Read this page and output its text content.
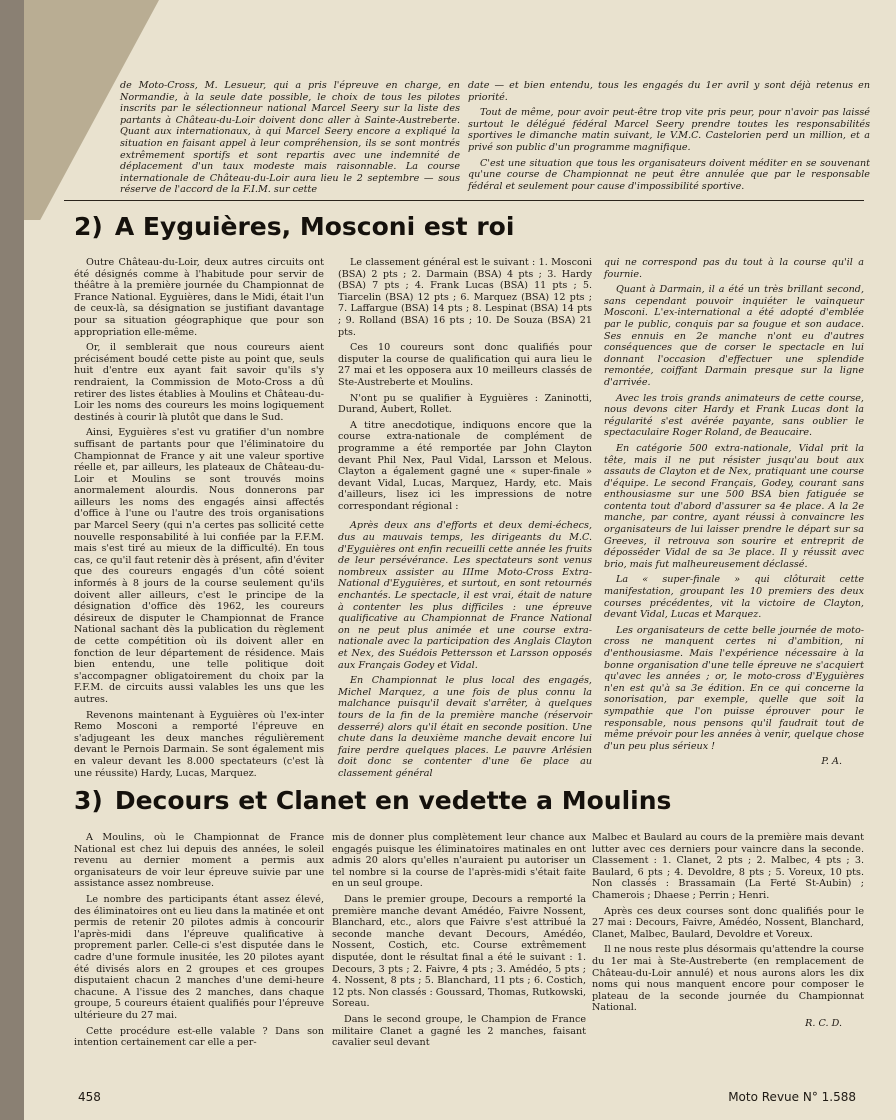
de Moto-Cross, M. Lesueur, qui a pris l'épreuve en charge, en Normandie, à la seule date possible, le choix de tous les pilotes inscrits par le sélectionneur national Marcel Seery sur la liste des partants à Château-du-Loir doivent donc aller à Sainte-Austreberte. Quant aux internationaux, à qui Marcel Seery encore a expliqué la situation en faisant appel à leur compréhension, ils se sont montrés extrêmement sportifs et sont repartis avec une indemnité de déplacement d'un taux modeste mais raisonnable. La course internationale de Château-du-Loir aura lieu le 2 septembre — sous réserve de l'accord de la F.I.M. sur cette

date — et bien entendu, tous les engagés du 1er avril y sont déjà retenus en priorité.

Tout de même, pour avoir peut-être trop vite pris peur, pour n'avoir pas laissé surtout le délégué fédéral Marcel Seery prendre toutes les responsabilités sportives le dimanche matin suivant, le V.M.C. Castelorien perd un million, et a privé son public d'un programme magnifique.

C'est une situation que tous les organisateurs doivent méditer en se souvenant qu'une course de Championnat ne peut être annulée que par le responsable fédéral et seulement pour cause d'impossibilité sportive.

2) A Eyguières, Mosconi est roi

Outre Château-du-Loir, deux autres circuits ont été désignés comme à l'habitude pour servir de théâtre à la première journée du Championnat de France National. Eyguières, dans le Midi, était l'un de ceux-là, sa désignation se justifiant davantage pour sa situation géographique que pour son appropriation elle-même.

Or, il semblerait que nous coureurs aient précisément boudé cette piste au point que, seuls huit d'entre eux ayant fait savoir qu'ils s'y rendraient, la Commission de Moto-Cross a dû retirer des listes établies à Moulins et Château-du-Loir les noms des coureurs les moins logiquement destinés à courir là plutôt que dans le Sud.

Ainsi, Eyguières s'est vu gratifier d'un nombre suffisant de partants pour que l'éliminatoire du Championnat de France y ait une valeur sportive réelle et, par ailleurs, les plateaux de Château-du-Loir et Moulins se sont trouvés moins anormalement alourdis. Nous donnerons par ailleurs les noms des engagés ainsi affectés d'office à l'une ou l'autre des trois organisations par Marcel Seery (qui n'a certes pas sollicité cette nouvelle responsabilité à lui confiée par la F.F.M. mais s'est tiré au mieux de la difficulté). En tous cas, ce qu'il faut retenir dès à présent, afin d'éviter que des coureurs engagés d'un côté soient informés à 8 jours de la course seulement qu'ils doivent aller ailleurs, c'est le principe de la désignation d'office dès 1962, les coureurs désireux de disputer le Championnat de France National sachant dès la publication du règlement de cette compétition où ils doivent aller en fonction de leur département de résidence. Mais bien entendu, une telle politique doit s'accompagner obligatoirement du choix par la F.F.M. de circuits aussi valables les uns que les autres.

Revenons maintenant à Eyguières où l'ex-inter Remo Mosconi a remporté l'épreuve en s'adjugeant les deux manches régulièrement devant le Pernois Darmain. Se sont également mis en valeur devant les 8.000 spectateurs (c'est là une réussite) Hardy, Lucas, Marquez.

Le classement général est le suivant : 1. Mosconi (BSA) 2 pts ; 2. Darmain (BSA) 4 pts ; 3. Hardy (BSA) 7 pts ; 4. Frank Lucas (BSA) 11 pts ; 5. Tiarcelin (BSA) 12 pts ; 6. Marquez (BSA) 12 pts ; 7. Laffargue (BSA) 14 pts ; 8. Lespinat (BSA) 14 pts ; 9. Rolland (BSA) 16 pts ; 10. De Souza (BSA) 21 pts.

Ces 10 coureurs sont donc qualifiés pour disputer la course de qualification qui aura lieu le 27 mai et les opposera aux 10 meilleurs classés de Ste-Austreberte et Moulins.

N'ont pu se qualifier à Eyguières : Zaninotti, Durand, Aubert, Rollet.

A titre anecdotique, indiquons encore que la course extra-nationale de complément de programme a été remportée par John Clayton devant Phil Nex, Paul Vidal, Larsson et Melous. Clayton a également gagné une « super-finale » devant Vidal, Lucas, Marquez, Hardy, etc. Mais d'ailleurs, lisez ici les impressions de notre correspondant régional :

Après deux ans d'efforts et deux demi-échecs, dus au mauvais temps, les dirigeants du M.C. d'Eyguières ont enfin recueilli cette année les fruits de leur persévérance. Les spectateurs sont venus nombreux assister au IIIme Moto-Cross Extra-National d'Eyguières, et surtout, en sont retournés enchantés. Le spectacle, il est vrai, était de nature à contenter les plus difficiles : une épreuve qualificative au Championnat de France National on ne peut plus animée et une course extra-nationale avec la participation des Anglais Clayton et Nex, des Suédois Pettersson et Larsson opposés aux Français Godey et Vidal.

En Championnat le plus local des engagés, Michel Marquez, a une fois de plus connu la malchance puisqu'il devait s'arrêter, à quelques tours de la fin de la première manche (réservoir desserré) alors qu'il était en seconde position. Une chute dans la deuxième manche devait encore lui faire perdre quelques places. Le pauvre Arlésien doit donc se contenter d'une 6e place au classement général

qui ne correspond pas du tout à la course qu'il a fournie.

Quant à Darmain, il a été un très brillant second, sans cependant pouvoir inquiéter le vainqueur Mosconi. L'ex-international a été adopté d'emblée par le public, conquis par sa fougue et son audace. Ses ennuis en 2e manche n'ont eu d'autres conséquences que de corser le spectacle en lui donnant l'occasion d'effectuer une splendide remontée, coiffant Darmain presque sur la ligne d'arrivée.

Avec les trois grands animateurs de cette course, nous devons citer Hardy et Frank Lucas dont la régularité s'est avérée payante, sans oublier le spectaculaire Roger Roland, de Beaucaire.

En catégorie 500 extra-nationale, Vidal prit la tête, mais il ne put résister jusqu'au bout aux assauts de Clayton et de Nex, pratiquant une course d'équipe. Le second Français, Godey, courant sans enthousiasme sur une 500 BSA bien fatiguée se contenta tout d'abord d'assurer sa 4e place. A la 2e manche, par contre, ayant réussi à convaincre les organisateurs de lui laisser prendre le départ sur sa Greeves, il retrouva son sourire et entreprit de déposséder Vidal de sa 3e place. Il y réussit avec brio, mais fut malheureusement déclassé.

La « super-finale » qui clôturait cette manifestation, groupant les 10 premiers des deux courses précédentes, vit la victoire de Clayton, devant Vidal, Lucas et Marquez.

Les organisateurs de cette belle journée de moto-cross ne manquent certes ni d'ambition, ni d'enthousiasme. Mais l'expérience nécessaire à la bonne organisation d'une telle épreuve ne s'acquiert qu'avec les années ; or, le moto-cross d'Eyguières n'en est qu'à sa 3e édition. En ce qui concerne la sonorisation, par exemple, quelle que soit la sympathie que l'on puisse éprouver pour le responsable, nous pensons qu'il faudrait tout de même prévoir pour les années à venir, quelque chose d'un peu plus sérieux !

P. A.
3) Decours et Clanet en vedette a Moulins

A Moulins, où le Championnat de France National est chez lui depuis des années, le soleil revenu au dernier moment a permis aux organisateurs de voir leur épreuve suivie par une assistance assez nombreuse.

Le nombre des participants étant assez élevé, des éliminatoires ont eu lieu dans la matinée et ont permis de retenir 20 pilotes admis à concourir l'après-midi dans l'épreuve qualificative à proprement parler. Celle-ci s'est disputée dans le cadre d'une formule inusitée, les 20 pilotes ayant été divisés alors en 2 groupes et ces groupes disputaient chacun 2 manches d'une demi-heure chacune. A l'issue des 2 manches, dans chaque groupe, 5 coureurs étaient qualifiés pour l'épreuve ultérieure du 27 mai.

Cette procédure est-elle valable ? Dans son intention certainement car elle a per-

mis de donner plus complètement leur chance aux engagés puisque les éliminatoires matinales en ont admis 20 alors qu'elles n'auraient pu autoriser un tel nombre si la course de l'après-midi s'était faite en un seul groupe.

Dans le premier groupe, Decours a remporté la première manche devant Amédéo, Faivre Nossent, Blanchard, etc., alors que Faivre s'est attribué la seconde manche devant Decours, Amédéo, Nossent, Costich, etc. Course extrêmement disputée, dont le résultat final a été le suivant : 1. Decours, 3 pts ; 2. Faivre, 4 pts ; 3. Amédéo, 5 pts ; 4. Nossent, 8 pts ; 5. Blanchard, 11 pts ; 6. Costich, 12 pts. Non classés : Goussard, Thomas, Rutkowski, Soreau.

Dans le second groupe, le Champion de France militaire Clanet a gagné les 2 manches, faisant cavalier seul devant

Malbec et Baulard au cours de la première mais devant lutter avec ces derniers pour vaincre dans la seconde. Classement : 1. Clanet, 2 pts ; 2. Malbec, 4 pts ; 3. Baulard, 6 pts ; 4. Devoldre, 8 pts ; 5. Voreux, 10 pts. Non classés : Brassamain (La Ferté St-Aubin) ; Chamerois ; Dhaese ; Perrin ; Henri.

Après ces deux courses sont donc qualifiés pour le 27 mai : Decours, Faivre, Amédéo, Nossent, Blanchard, Clanet, Malbec, Baulard, Devoldre et Voreux.

Il ne nous reste plus désormais qu'attendre la course du 1er mai à Ste-Austreberte (en remplacement de Château-du-Loir annulé) et nous aurons alors les dix noms qui nous manquent encore pour composer le plateau de la seconde journée du Championnat National.

R. C. D.
458	Moto Revue N° 1.588
